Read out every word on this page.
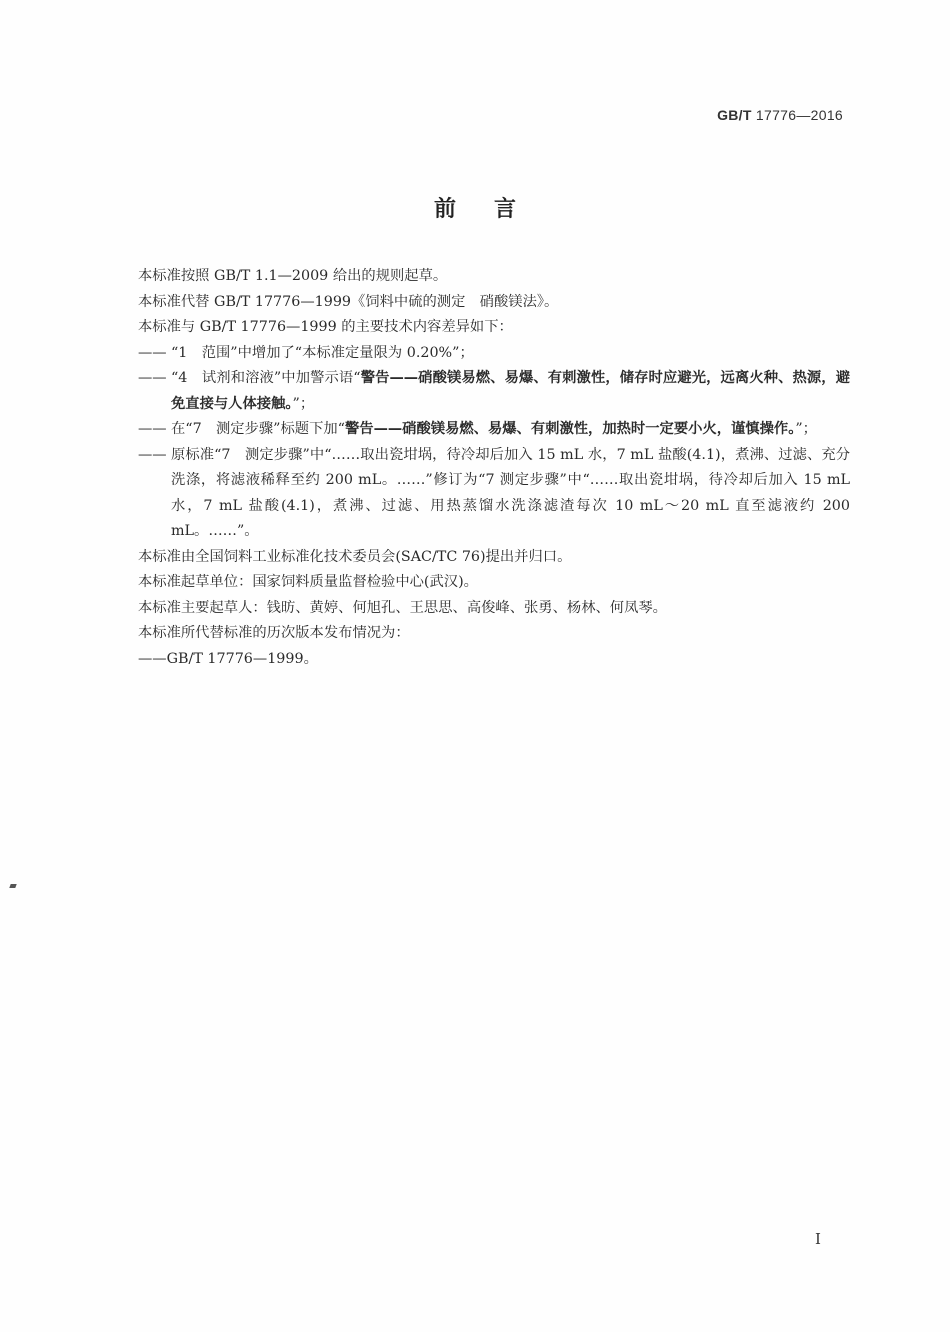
GB/T 17776—2016
前言
本标准按照 GB/T 1.1—2009 给出的规则起草。
本标准代替 GB/T 17776—1999《饲料中硫的测定　硝酸镁法》。
本标准与 GB/T 17776—1999 的主要技术内容差异如下：
—— “1　范围”中增加了“本标准定量限为 0.20%”；
—— “4　试剂和溶液”中加警示语“警告——硝酸镁易燃、易爆、有刺激性，储存时应避光，远离火种、热源，避免直接与人体接触。”；
—— 在“7　测定步骤”标题下加“警告——硝酸镁易燃、易爆、有刺激性，加热时一定要小火，谨慎操作。”；
—— 原标准“7　测定步骤”中“……取出瓷坩埚，待冷却后加入 15 mL 水，7 mL 盐酸(4.1)，煮沸、过滤、充分洗涤，将滤液稀释至约 200 mL。……”修订为“7 测定步骤”中“……取出瓷坩埚，待冷却后加入 15 mL 水，7 mL 盐酸(4.1)，煮沸、过滤、用热蒸馏水洗涤滤渣每次 10 mL～20 mL 直至滤液约 200 mL。……”。
本标准由全国饲料工业标准化技术委员会(SAC/TC 76)提出并归口。
本标准起草单位：国家饲料质量监督检验中心(武汉)。
本标准主要起草人：钱昉、黄婷、何旭孔、王思思、高俊峰、张勇、杨林、何凤琴。
本标准所代替标准的历次版本发布情况为：
——GB/T 17776—1999。
I
